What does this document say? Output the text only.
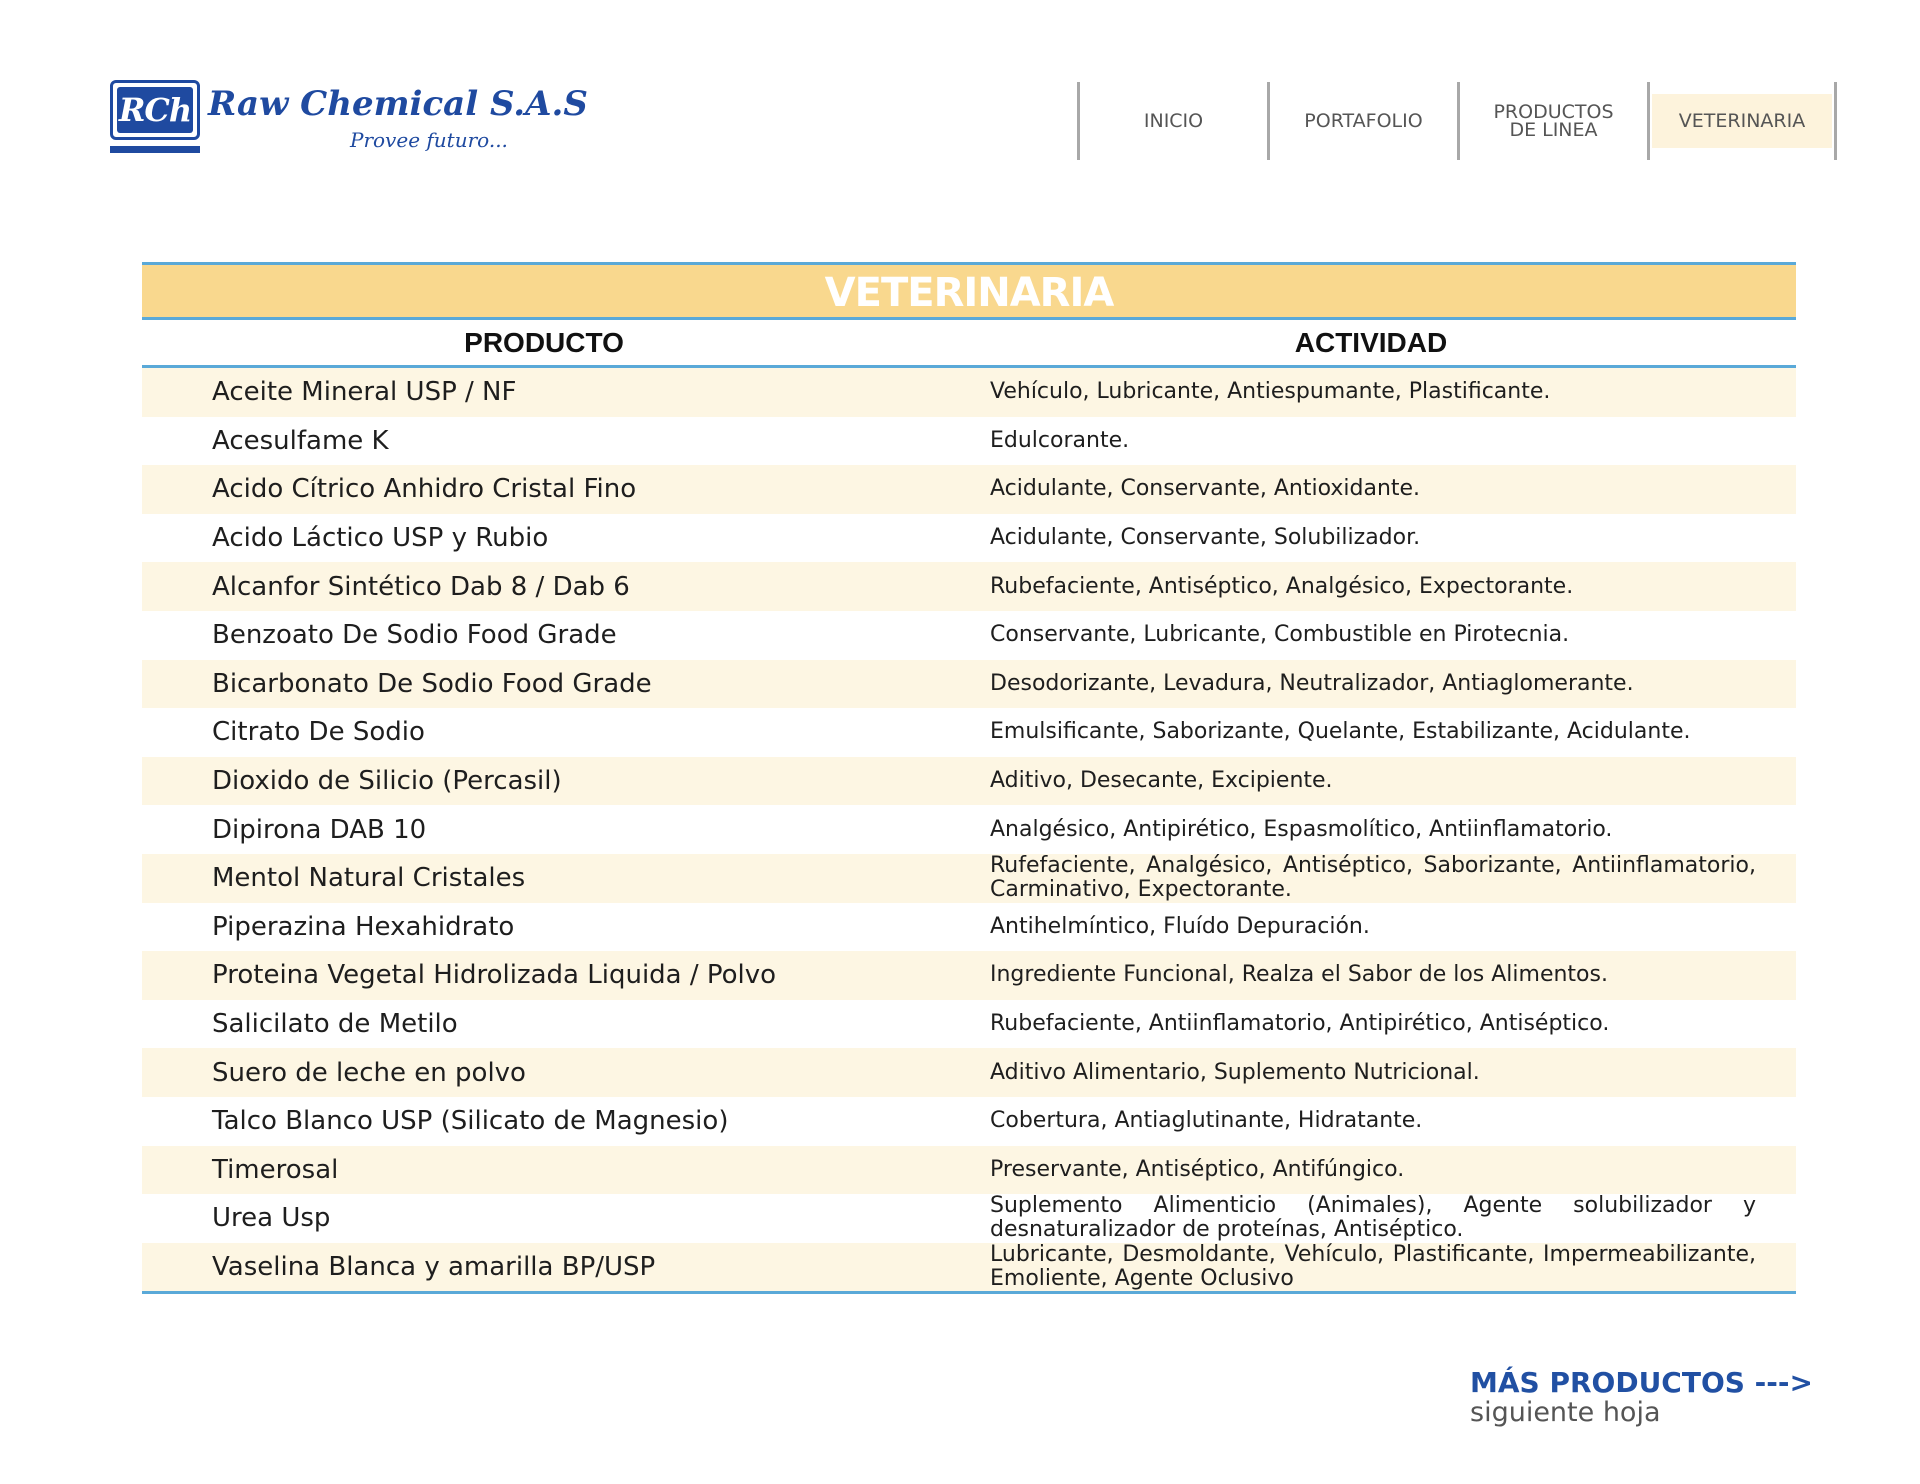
RCh Raw Chemical S.A.S
Provee futuro...
INICIO	PORTAFOLIO	PRODUCTOS
DE LINEA	VETERINARIA
VETERINARIA
PRODUCTO	ACTIVIDAD
Aceite Mineral USP / NF	Vehículo, Lubricante, Antiespumante, Plastificante.
Acesulfame K	Edulcorante.
Acido Cítrico Anhidro Cristal Fino	Acidulante, Conservante, Antioxidante.
Acido Láctico USP y Rubio	Acidulante, Conservante, Solubilizador.
Alcanfor Sintético Dab 8 / Dab 6	Rubefaciente, Antiséptico, Analgésico, Expectorante.
Benzoato De Sodio Food Grade	Conservante, Lubricante, Combustible en Pirotecnia.
Bicarbonato De Sodio Food Grade	Desodorizante, Levadura, Neutralizador, Antiaglomerante.
Citrato De Sodio	Emulsificante, Saborizante, Quelante, Estabilizante, Acidulante.
Dioxido de Silicio (Percasil)	Aditivo, Desecante, Excipiente.
Dipirona DAB 10	Analgésico, Antipirético, Espasmolítico, Antiinflamatorio.
Mentol Natural Cristales	Rufefaciente, Analgésico, Antiséptico, Saborizante, Antiinflamatorio, Carminativo, Expectorante.
Piperazina Hexahidrato	Antihelmíntico, Fluído Depuración.
Proteina Vegetal Hidrolizada Liquida / Polvo	Ingrediente Funcional, Realza el Sabor de los Alimentos.
Salicilato de Metilo	Rubefaciente, Antiinflamatorio, Antipirético, Antiséptico.
Suero de leche en polvo	Aditivo Alimentario, Suplemento Nutricional.
Talco Blanco USP (Silicato de Magnesio)	Cobertura, Antiaglutinante, Hidratante.
Timerosal	Preservante, Antiséptico, Antifúngico.
Urea Usp	Suplemento Alimenticio (Animales), Agente solubilizador y desnaturalizador de proteínas, Antiséptico.
Vaselina Blanca y amarilla BP/USP	Lubricante, Desmoldante, Vehículo, Plastificante, Impermeabilizante, Emoliente, Agente Oclusivo
MÁS PRODUCTOS --->
siguiente hoja
